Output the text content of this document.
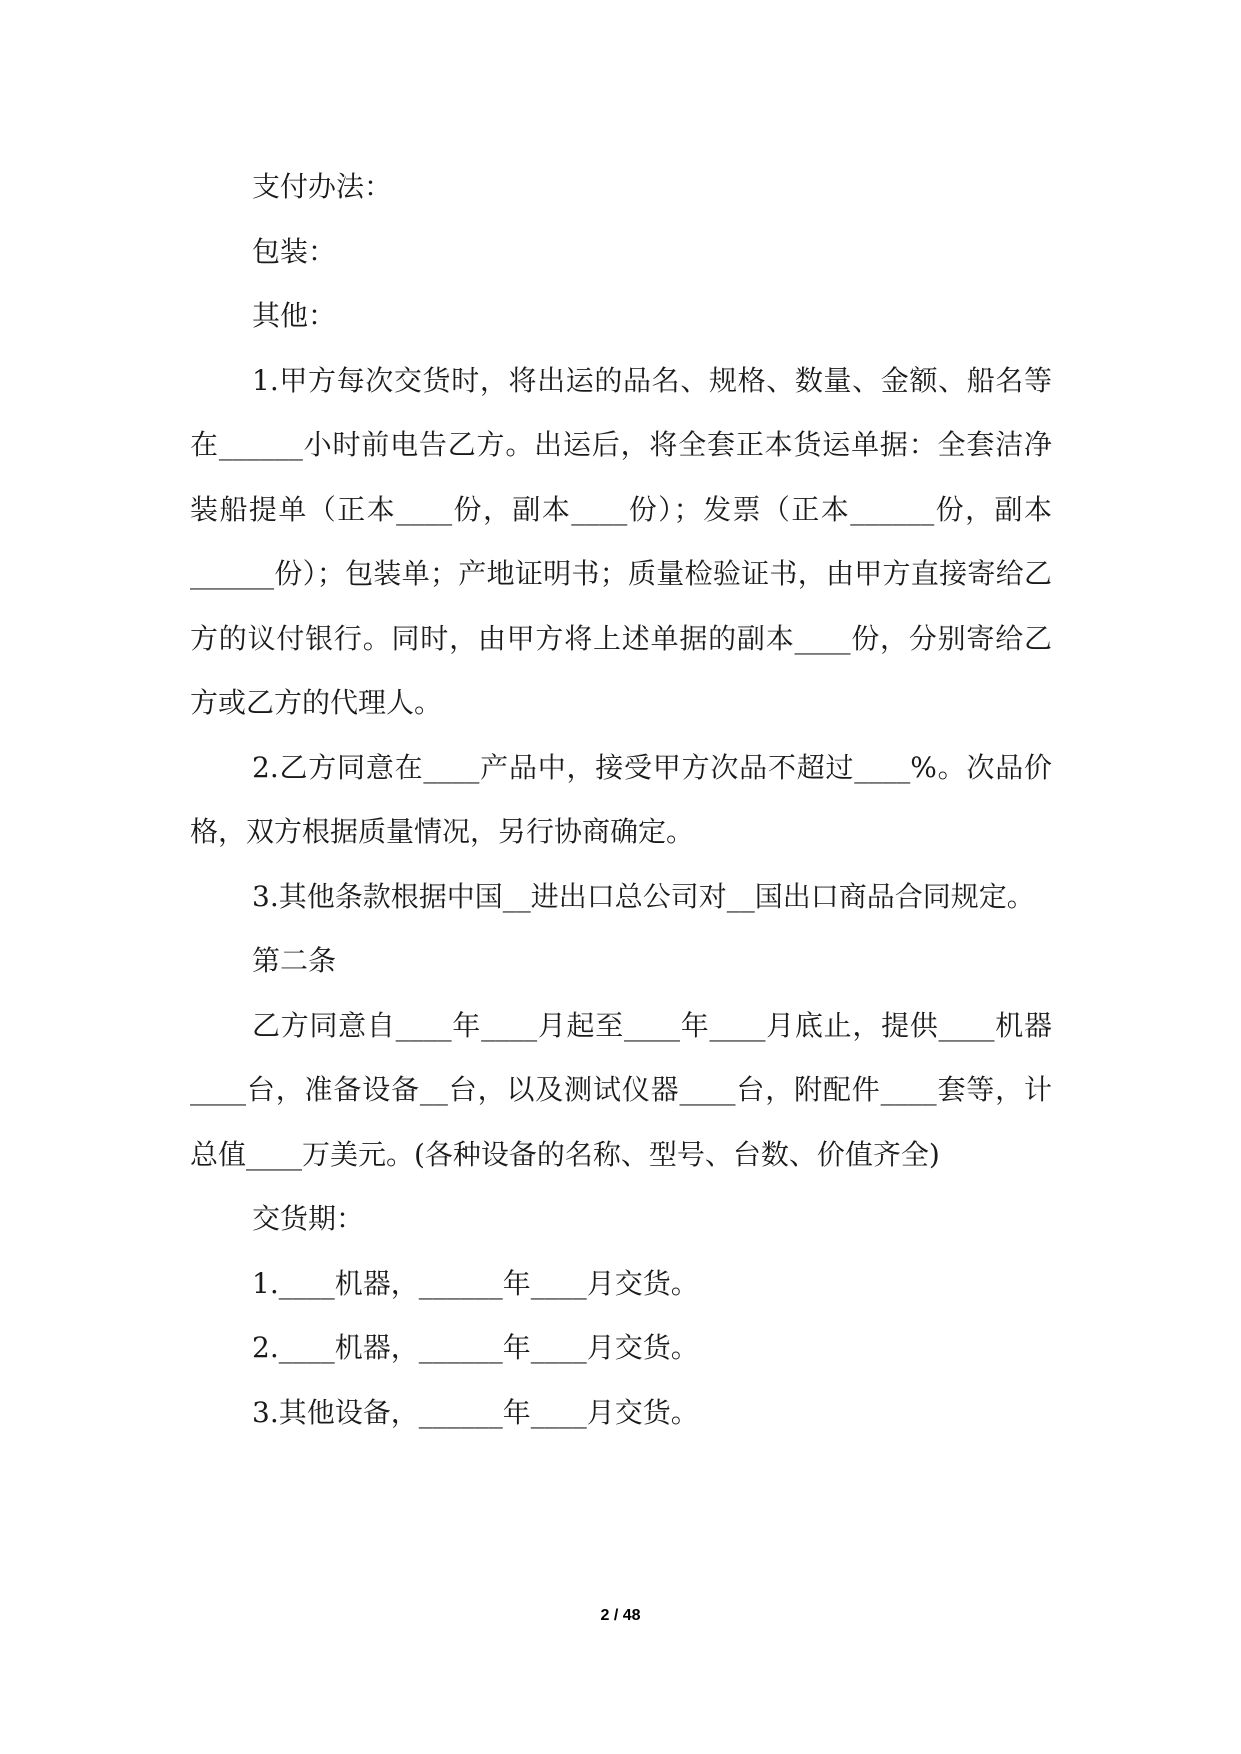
支付办法：

包装：

其他：

1.甲方每次交货时，将出运的品名、规格、数量、金额、船名等在______小时前电告乙方。出运后，将全套正本货运单据：全套洁净装船提单（正本____份，副本____份）；发票（正本______份，副本______份）；包装单；产地证明书；质量检验证书，由甲方直接寄给乙方的议付银行。同时，由甲方将上述单据的副本____份，分别寄给乙方或乙方的代理人。

2.乙方同意在____产品中，接受甲方次品不超过____%。次品价格，双方根据质量情况，另行协商确定。

3.其他条款根据中国__进出口总公司对__国出口商品合同规定。

第二条

乙方同意自____年____月起至____年____月底止，提供____机器____台，准备设备__台，以及测试仪器____台，附配件____套等，计总值____万美元。(各种设备的名称、型号、台数、价值齐全)

交货期：

1.____机器，______年____月交货。

2.____机器，______年____月交货。

3.其他设备，______年____月交货。

2 / 48
